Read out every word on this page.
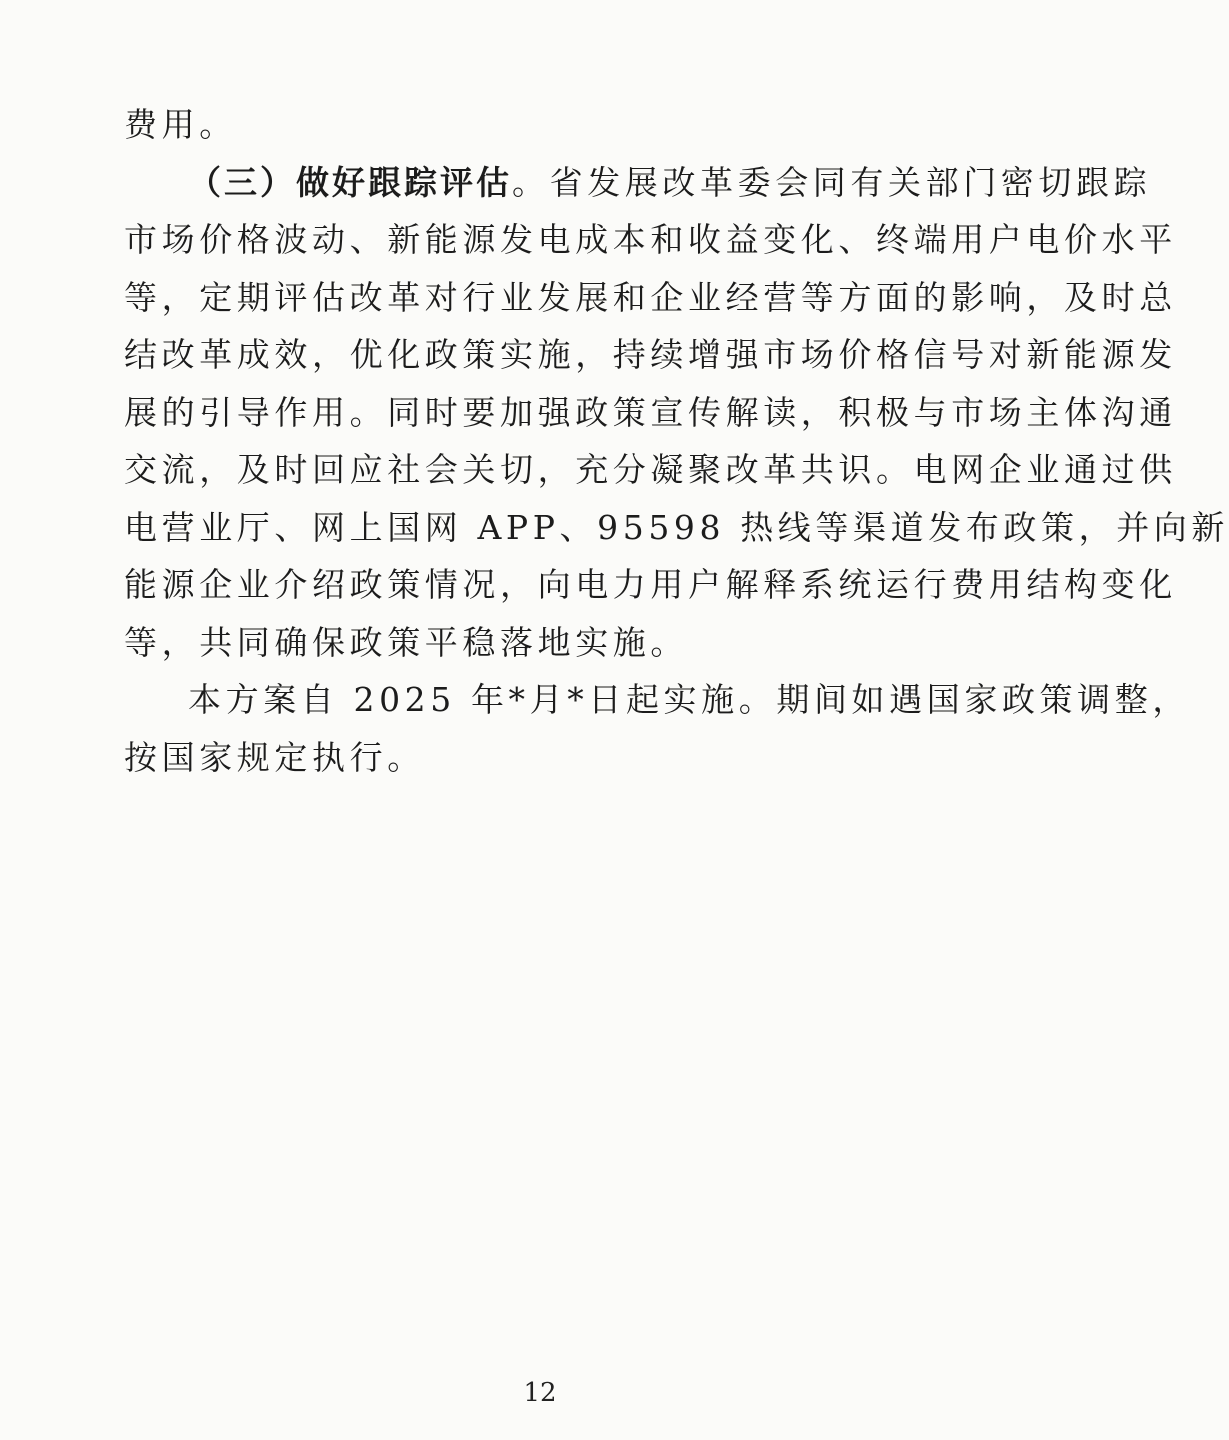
费用。

（三）做好跟踪评估。省发展改革委会同有关部门密切跟踪

市场价格波动、新能源发电成本和收益变化、终端用户电价水平

等，定期评估改革对行业发展和企业经营等方面的影响，及时总

结改革成效，优化政策实施，持续增强市场价格信号对新能源发

展的引导作用。同时要加强政策宣传解读，积极与市场主体沟通

交流，及时回应社会关切，充分凝聚改革共识。电网企业通过供

电营业厅、网上国网 APP、95598 热线等渠道发布政策，并向新

能源企业介绍政策情况，向电力用户解释系统运行费用结构变化

等，共同确保政策平稳落地实施。

本方案自 2025 年*月*日起实施。期间如遇国家政策调整，

按国家规定执行。

12
